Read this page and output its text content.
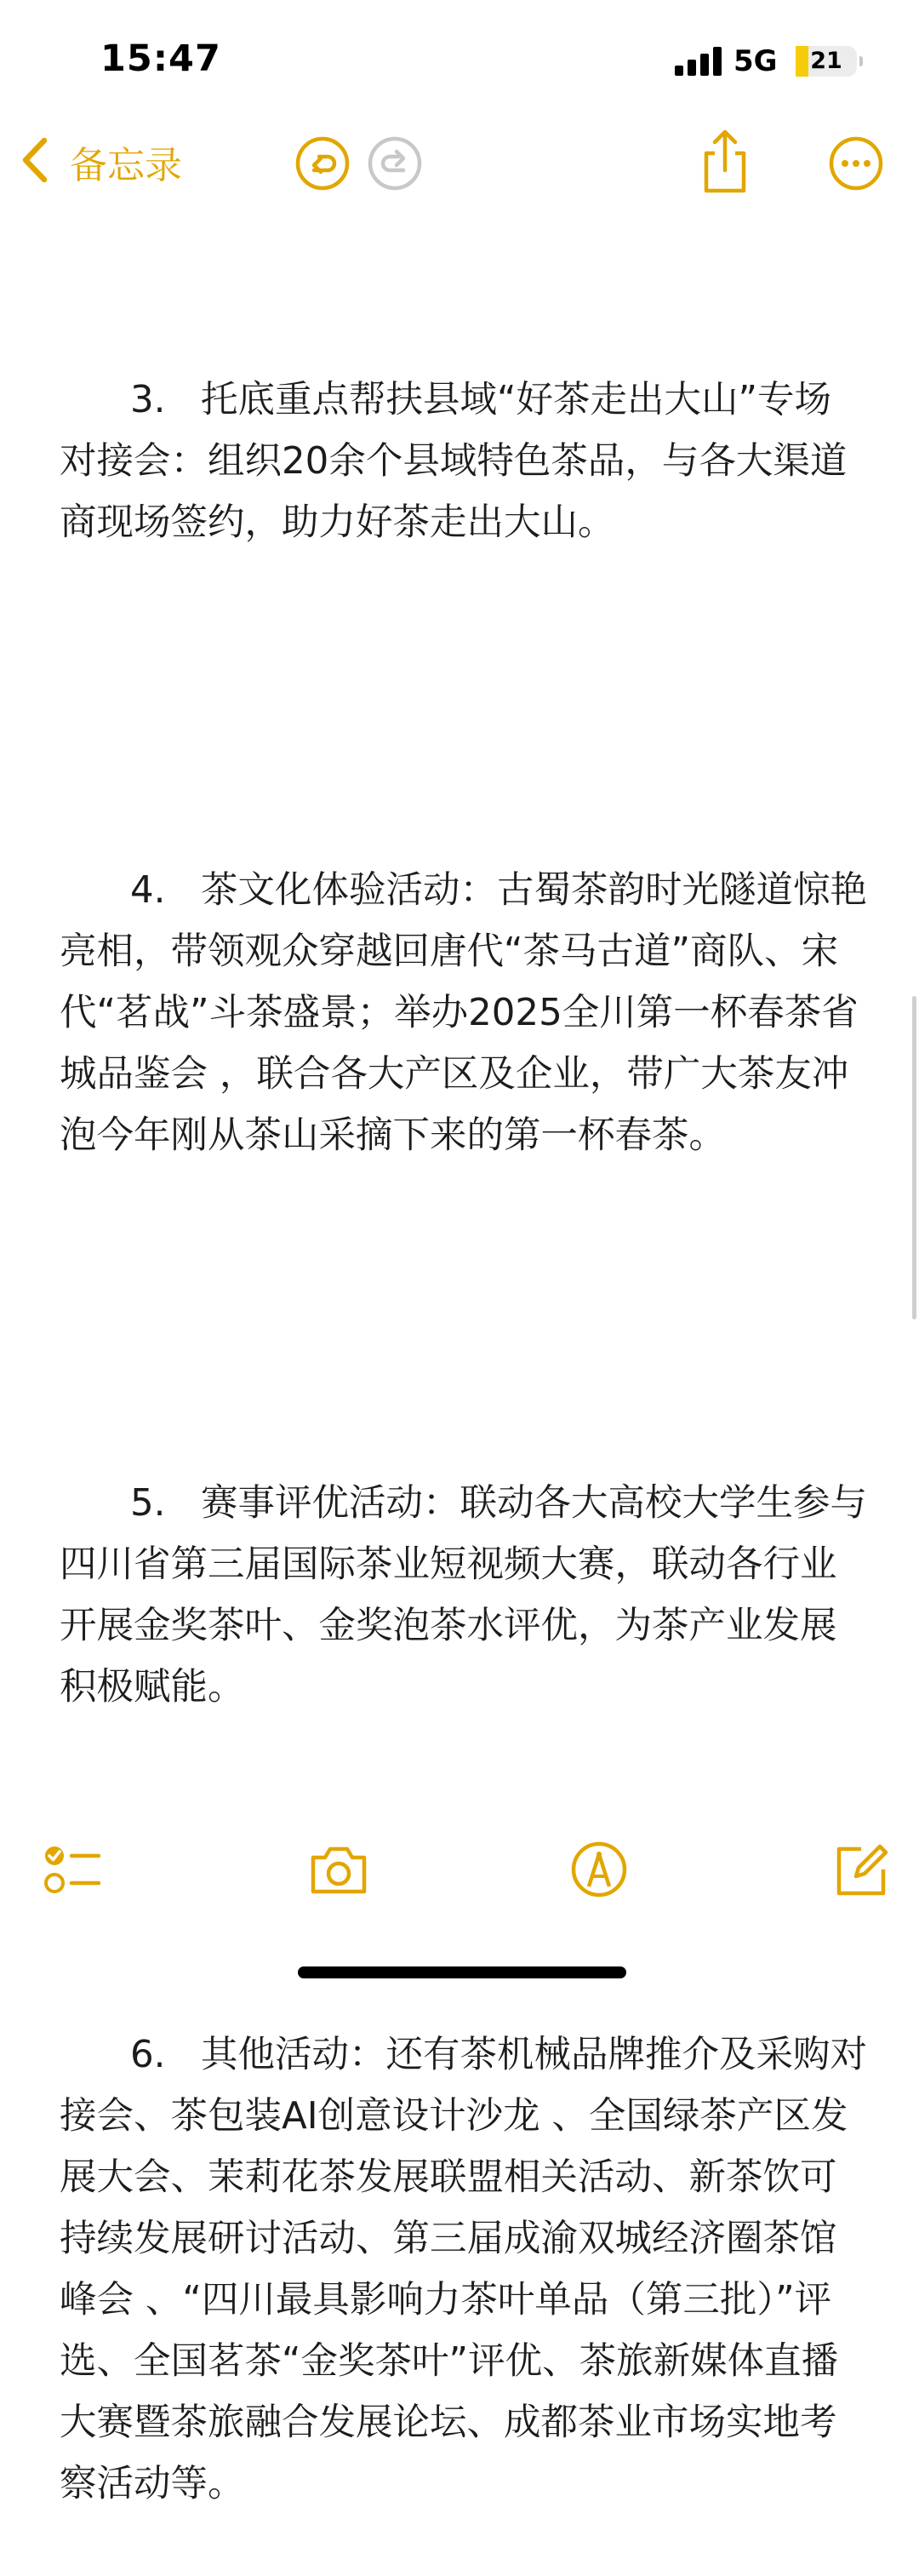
15:47	5G	21
备忘录

3.   托底重点帮扶县域“好茶走出大山”专场对接会：组织20余个县域特色茶品，与各大渠道商现场签约，助力好茶走出大山。

4.   茶文化体验活动：古蜀茶韵时光隧道惊艳亮相，带领观众穿越回唐代“茶马古道”商队、宋代“茗战”斗茶盛景；举办2025全川第一杯春茶省城品鉴会 ，联合各大产区及企业，带广大茶友冲泡今年刚从茶山采摘下来的第一杯春茶。

5.   赛事评优活动：联动各大高校大学生参与四川省第三届国际茶业短视频大赛，联动各行业开展金奖茶叶、金奖泡茶水评优，为茶产业发展积极赋能。

6.   其他活动：还有茶机械品牌推介及采购对接会、茶包装AI创意设计沙龙 、全国绿茶产区发展大会、茉莉花茶发展联盟相关活动、新茶饮可持续发展研讨活动、第三届成渝双城经济圈茶馆峰会 、“四川最具影响力茶叶单品（第三批）”评选、全国茗茶“金奖茶叶”评优、茶旅新媒体直播大赛暨茶旅融合发展论坛、成都茶业市场实地考察活动等。
